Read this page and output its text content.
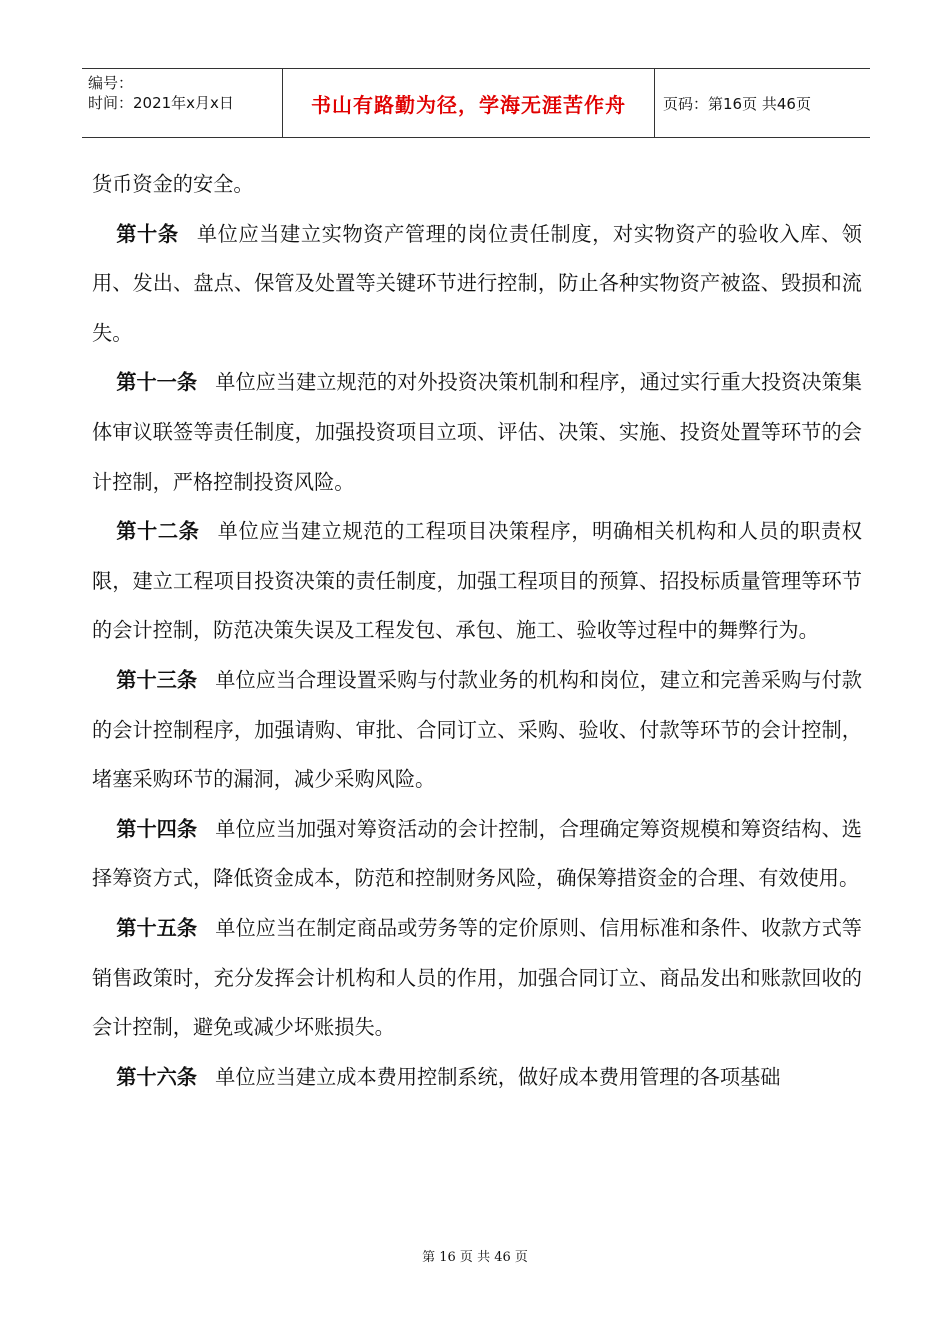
编号：
时间：2021年x月x日	书山有路勤为径，学海无涯苦作舟 页码：第16页 共46页

货币资金的安全。

第十条 单位应当建立实物资产管理的岗位责任制度，对实物资产的验收入库、领用、发出、盘点、保管及处置等关键环节进行控制，防止各种实物资产被盗、毁损和流失。

第十一条 单位应当建立规范的对外投资决策机制和程序，通过实行重大投资决策集体审议联签等责任制度，加强投资项目立项、评估、决策、实施、投资处置等环节的会计控制，严格控制投资风险。

第十二条 单位应当建立规范的工程项目决策程序，明确相关机构和人员的职责权限，建立工程项目投资决策的责任制度，加强工程项目的预算、招投标质量管理等环节的会计控制，防范决策失误及工程发包、承包、施工、验收等过程中的舞弊行为。

第十三条 单位应当合理设置采购与付款业务的机构和岗位，建立和完善采购与付款的会计控制程序，加强请购、审批、合同订立、采购、验收、付款等环节的会计控制，堵塞采购环节的漏洞，减少采购风险。

第十四条 单位应当加强对筹资活动的会计控制，合理确定筹资规模和筹资结构、选择筹资方式，降低资金成本，防范和控制财务风险，确保筹措资金的合理、有效使用。

第十五条 单位应当在制定商品或劳务等的定价原则、信用标准和条件、收款方式等销售政策时，充分发挥会计机构和人员的作用，加强合同订立、商品发出和账款回收的会计控制，避免或减少坏账损失。

第十六条 单位应当建立成本费用控制系统，做好成本费用管理的各项基础

第 16 页 共 46 页
